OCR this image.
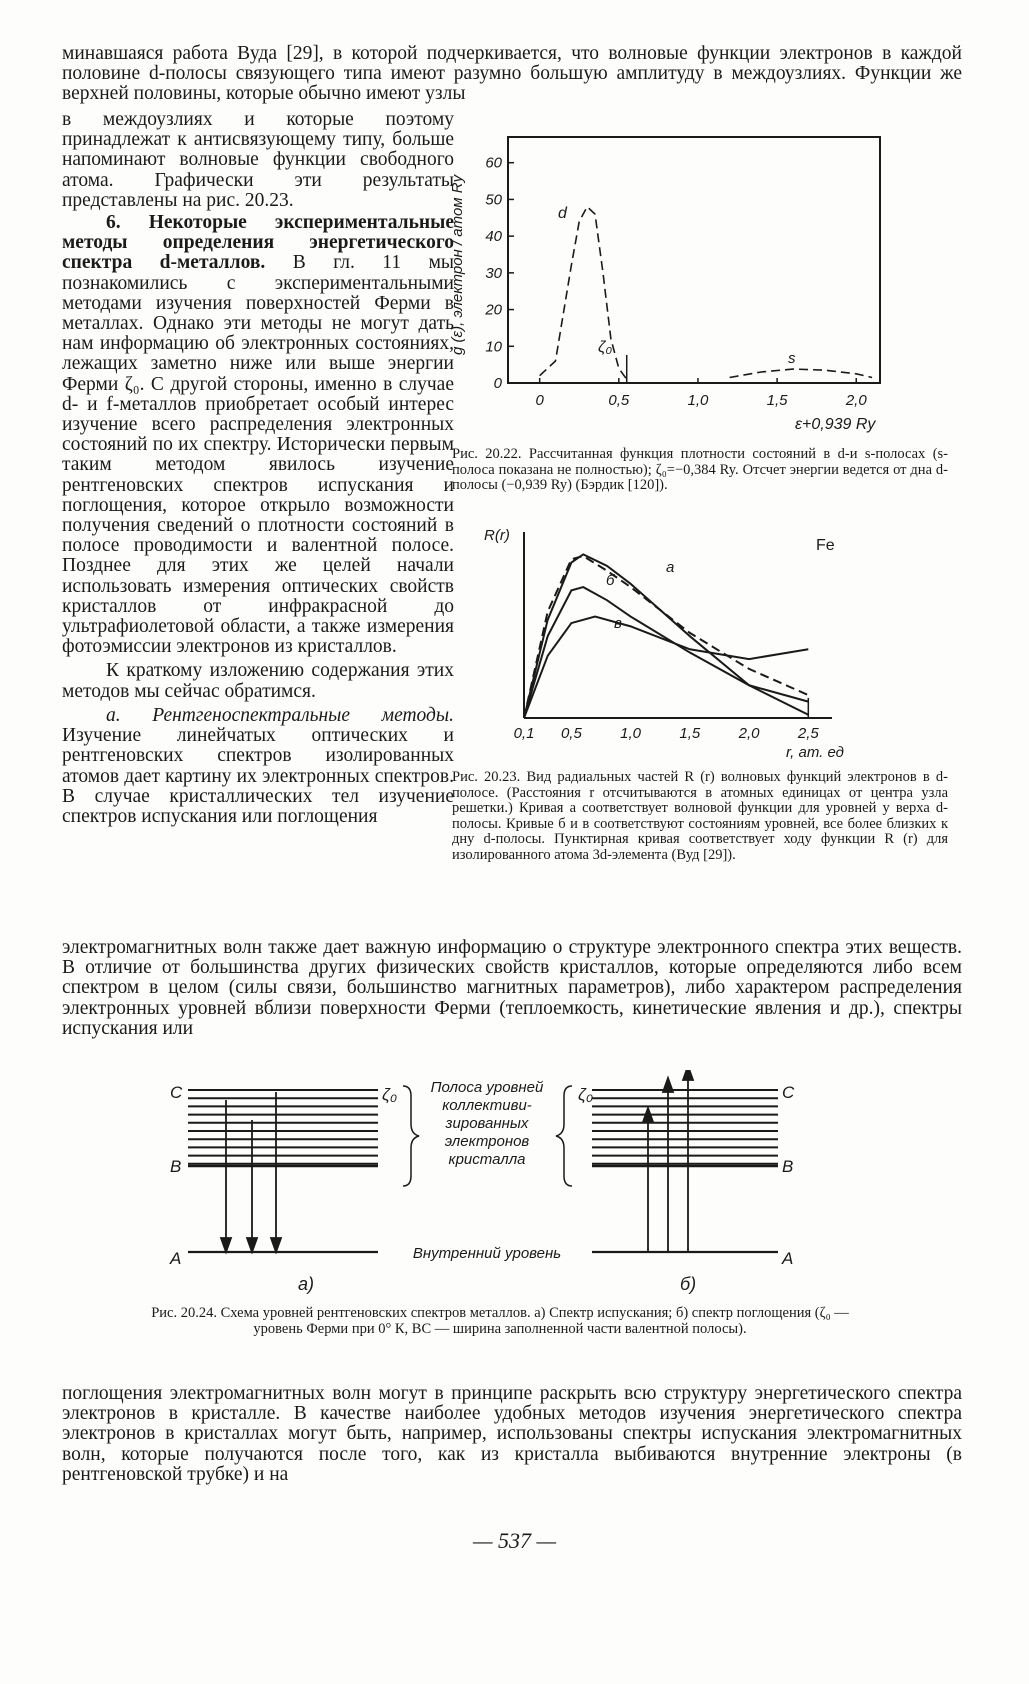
минавшаяся работа Вуда [29], в которой подчеркивается, что волновые функции электронов в каждой половине d-полосы связующего типа имеют разумно большую амплитуду в междоузлиях. Функции же верхней половины, которые обычно имеют узлы

в междоузлиях и которые поэтому принадлежат к антисвязующему типу, больше напоминают волновые функции свободного атома. Графически эти результаты представлены на рис. 20.23.

6. Некоторые экспериментальные методы определения энергетического спектра d-металлов. В гл. 11 мы познакомились с экспериментальными методами изучения поверхностей Ферми в металлах. Однако эти методы не могут дать нам информацию об электронных состояниях, лежащих заметно ниже или выше энергии Ферми ζ₀. С другой стороны, именно в случае d- и f-металлов приобретает особый интерес изучение всего распределения электронных состояний по их спектру. Исторически первым таким методом явилось изучение рентгеновских спектров испускания и поглощения, которое открыло возможности получения сведений о плотности состояний в полосе проводимости и валентной полосе. Позднее для этих же целей начали использовать измерения оптических свойств кристаллов от инфракрасной до ультрафиолетовой области, а также измерения фотоэмиссии электронов из кристаллов.

К краткому изложению содержания этих методов мы сейчас обратимся.

а. Рентгеноспектральные методы. Изучение линейчатых оптических и рентгеновских спектров изолированных атомов дает картину их электронных спектров. В случае кристаллических тел изучение спектров испускания или поглощения

0
10
20
30
40
50
60
0	0,5	1,0	1,5	2,0
g (ε), электрон / атом Ry	d
s
ζ₀
ε+0,939 Ry
Рис. 20.22. Рассчитанная функция плотности состояний в d-и s-полосах (s-полоса показана не полностью); ζ₀=−0,384 Ry. Отсчет энергии ведется от дна d-полосы (−0,939 Ry) (Бэрдик [120]).
0,1 0,5	1,0	1,5	2,0	2,5
R(r)
Fe
а
б
в
r, ат. ед
Рис. 20.23. Вид радиальных частей R (r) волновых функций электронов в d-полосе. (Расстояния r отсчитываются в атомных единицах от центра узла решетки.) Кривая а соответствует волновой функции для уровней у верха d-полосы. Кривые б и в соответствуют состояниям уровней, все более близких к дну d-полосы. Пунктирная кривая соответствует ходу функции R (r) для изолированного атома 3d-элемента (Вуд [29]).

электромагнитных волн также дает важную информацию о структуре электронного спектра этих веществ. В отличие от большинства других физических свойств кристаллов, которые определяются либо всем спектром в целом (силы связи, большинство магнитных параметров), либо характером распределения электронных уровней вблизи поверхности Ферми (теплоемкость, кинетические явления и др.), спектры испускания или

C
B
A
ζ₀	ζ₀	C
B
A
Полоса уровней
коллективи-
зированных
электронов
кристалла
Внутренний уровень
а)	б)
Рис. 20.24. Схема уровней рентгеновских спектров металлов. а) Спектр испускания; б) спектр поглощения (ζ₀ — уровень Ферми при 0° К, BC — ширина заполненной части валентной полосы).

поглощения электромагнитных волн могут в принципе раскрыть всю структуру энергетического спектра электронов в кристалле. В качестве наиболее удобных методов изучения энергетического спектра электронов в кристаллах могут быть, например, использованы спектры испускания электромагнитных волн, которые получаются после того, как из кристалла выбиваются внутренние электроны (в рентгеновской трубке) и на

— 537 —
